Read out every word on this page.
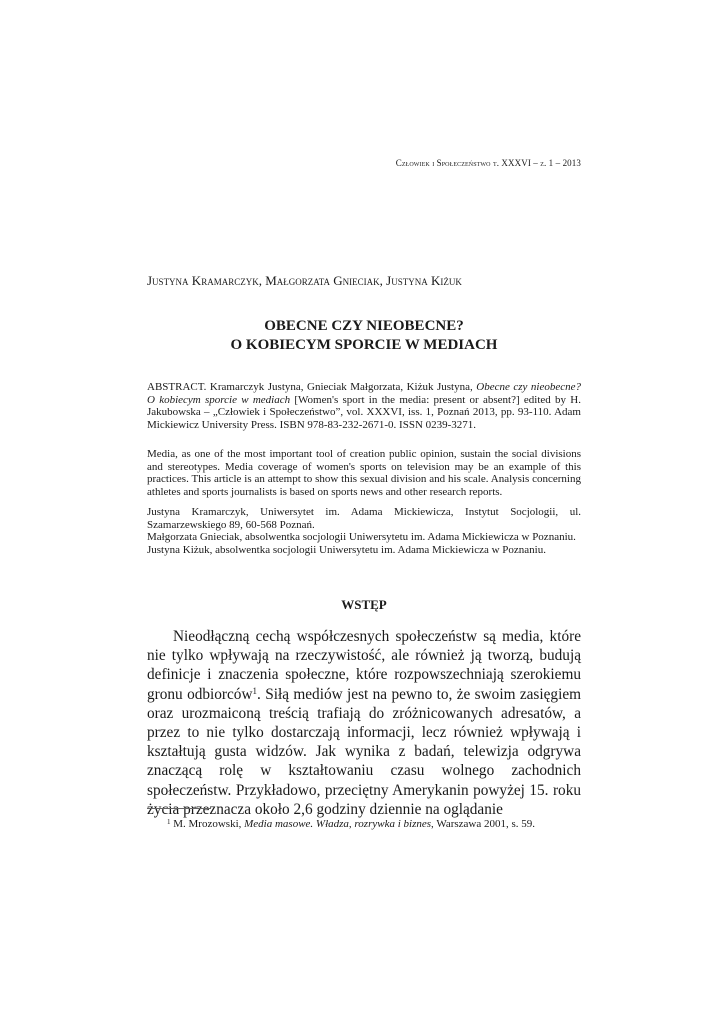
Człowiek i Społeczeństwo t. XXXVI – z. 1 – 2013
Justyna Kramarczyk, Małgorzata Gnieciak, Justyna Kiżuk
OBECNE CZY NIEOBECNE?
O KOBIECYM SPORCIE W MEDIACH

ABSTRACT. Kramarczyk Justyna, Gnieciak Małgorzata, Kiżuk Justyna, Obecne czy nieobecne? O kobiecym sporcie w mediach [Women's sport in the media: present or absent?] edited by H. Jakubowska – „Człowiek i Społeczeństwo”, vol. XXXVI, iss. 1, Poznań 2013, pp. 93-110. Adam Mickiewicz University Press. ISBN 978-83-232-2671-0. ISSN 0239-3271.

Media, as one of the most important tool of creation public opinion, sustain the social divisions and stereotypes. Media coverage of women's sports on television may be an example of this practices. This article is an attempt to show this sexual division and his scale. Analysis concerning athletes and sports journalists is based on sports news and other research reports.

Justyna Kramarczyk, Uniwersytet im. Adama Mickiewicza, Instytut Socjologii, ul. Szamarzewskiego 89, 60-568 Poznań.

Małgorzata Gnieciak, absolwentka socjologii Uniwersytetu im. Adama Mickiewicza w Poznaniu.

Justyna Kiżuk, absolwentka socjologii Uniwersytetu im. Adama Mickiewicza w Poznaniu.

WSTĘP

Nieodłączną cechą współczesnych społeczeństw są media, które nie tylko wpływają na rzeczywistość, ale również ją tworzą, budują definicje i znaczenia społeczne, które rozpowszechniają szerokiemu gronu odbiorców$^1$. Siłą mediów jest na pewno to, że swoim zasięgiem oraz urozmaiconą treścią trafiają do zróżnicowanych adresatów, a przez to nie tylko dostarczają informacji, lecz również wpływają i kształtują gusta widzów. Jak wynika z badań, telewizja odgrywa znaczącą rolę w kształtowaniu czasu wolnego zachodnich społeczeństw. Przykładowo, przeciętny Amerykanin powyżej 15. roku życia przeznacza około 2,6 godziny dziennie na oglądanie

$^1$ M. Mrozowski, Media masowe. Władza, rozrywka i biznes, Warszawa 2001, s. 59.
